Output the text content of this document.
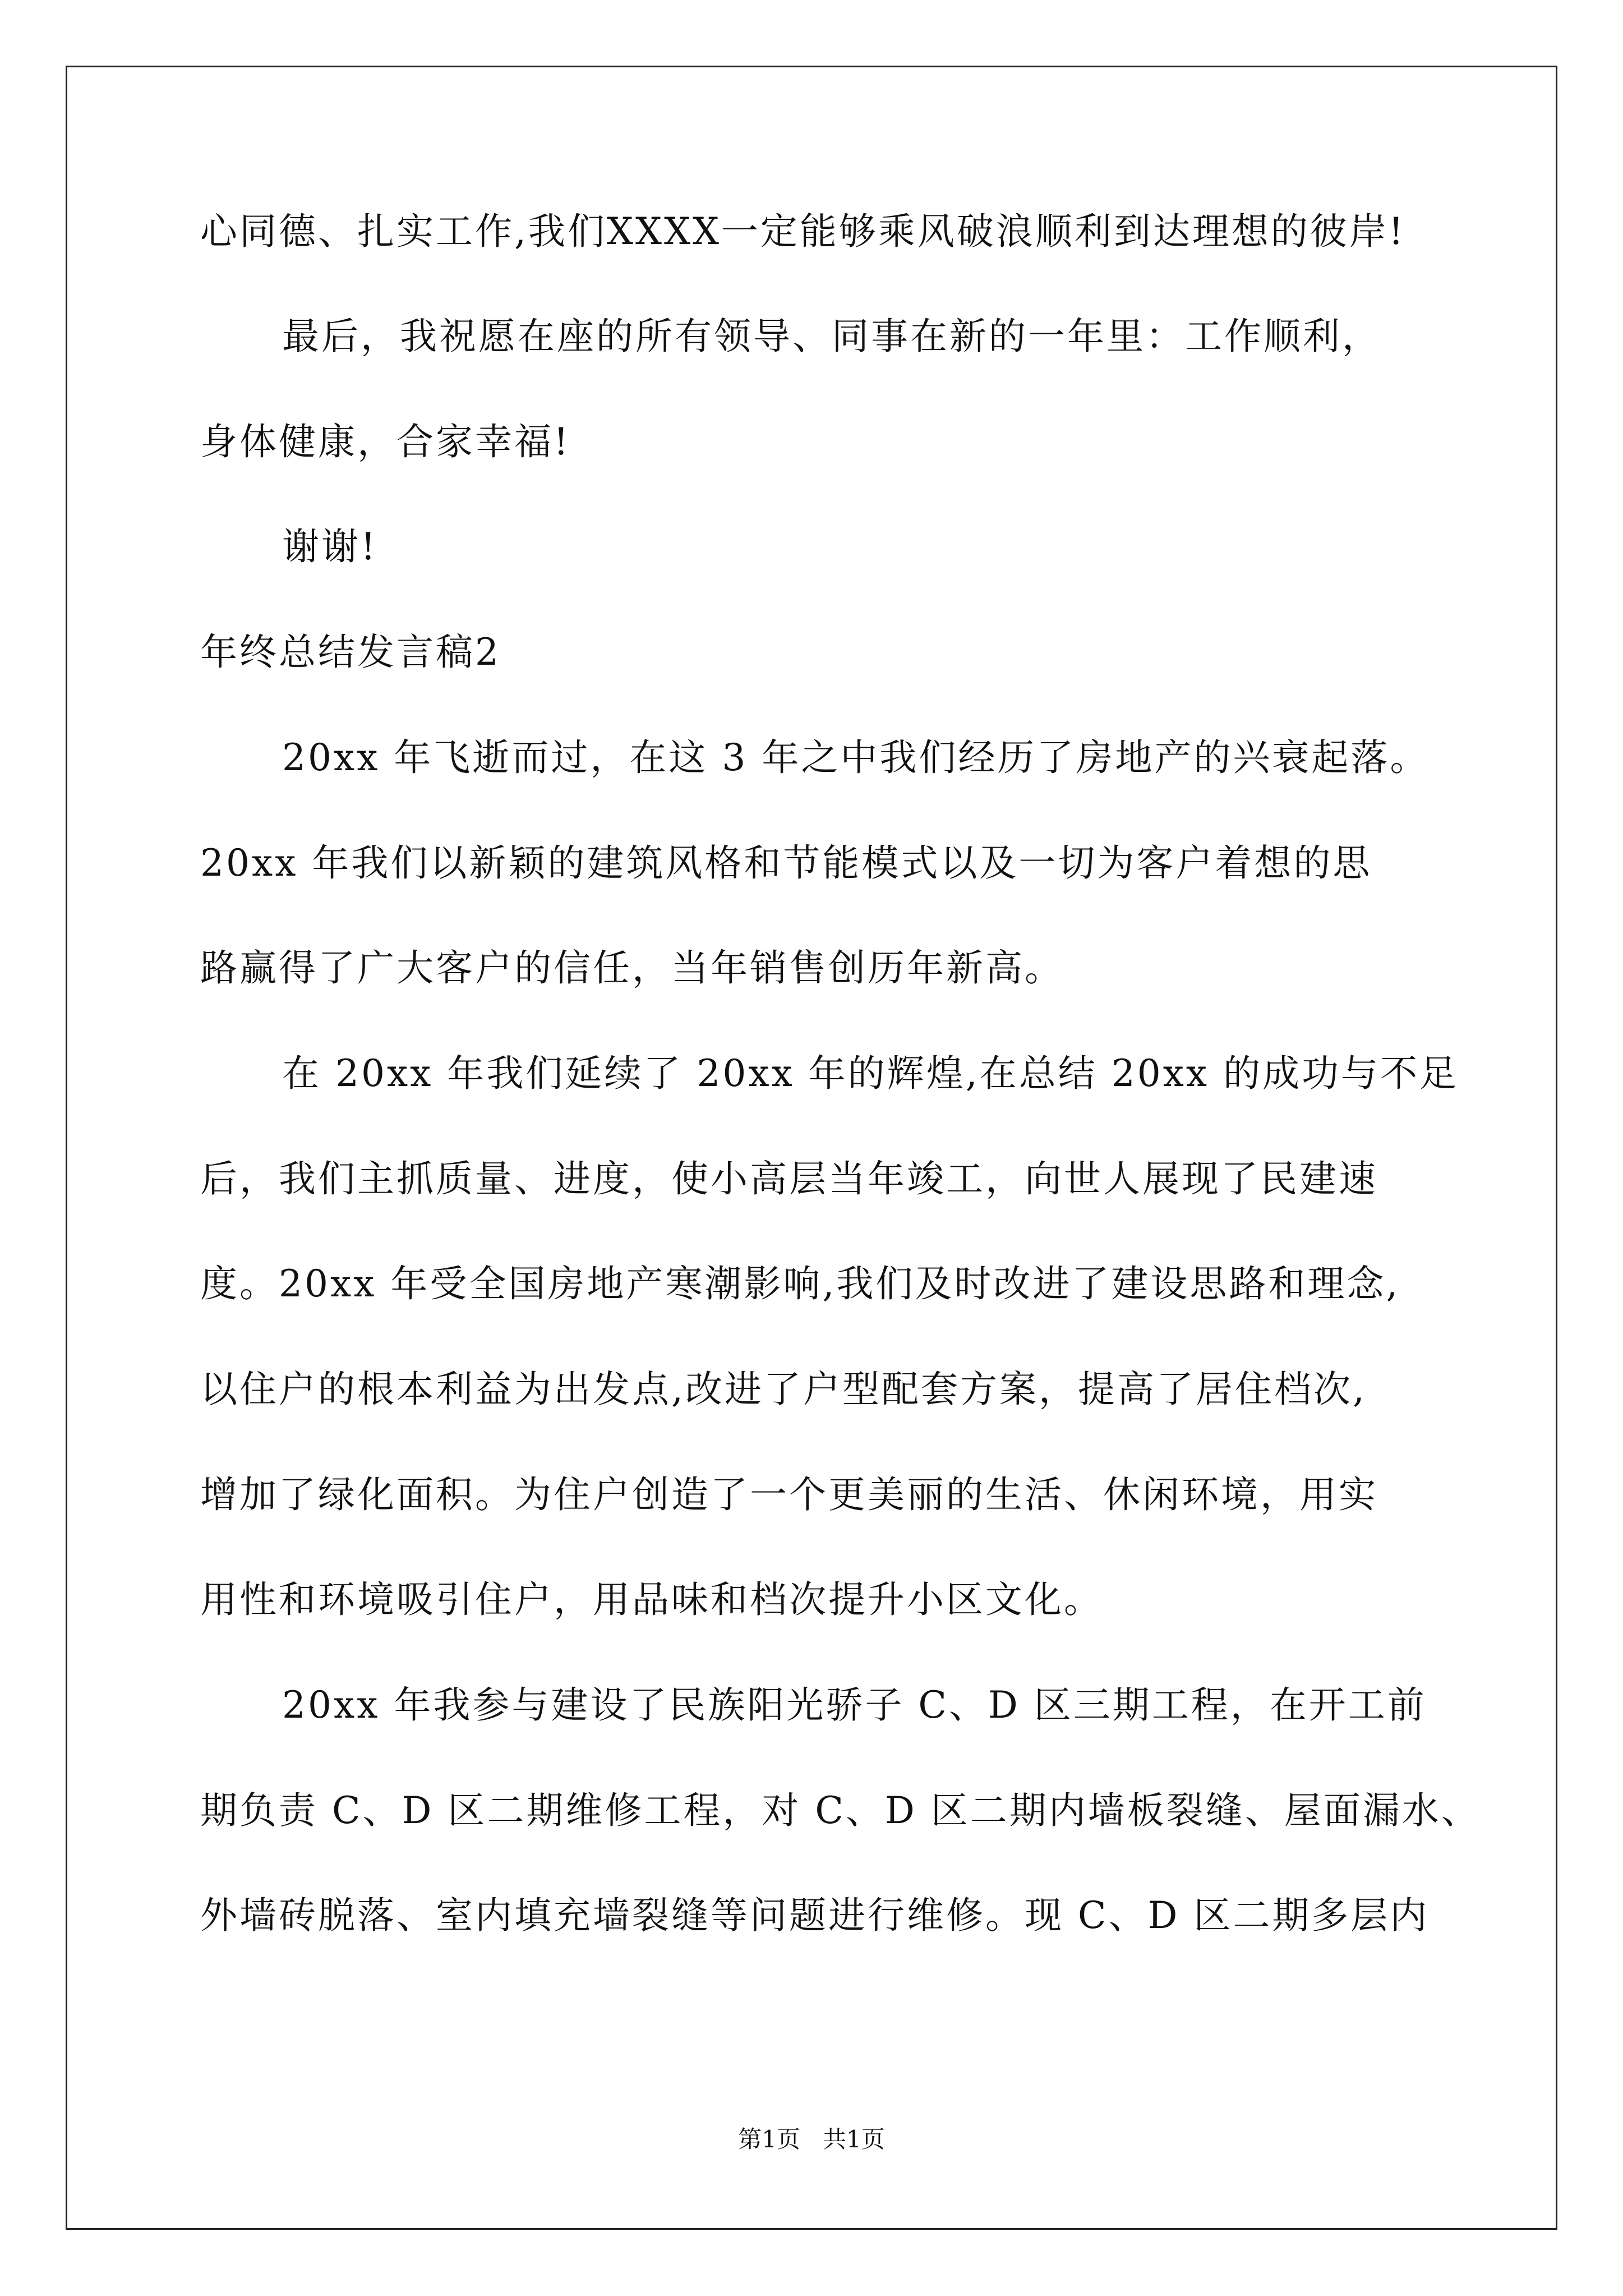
心同德、扎实工作,我们XXXX一定能够乘风破浪顺利到达理想的彼岸!
最后，我祝愿在座的所有领导、同事在新的一年里：工作顺利，
身体健康，合家幸福!
谢谢!
年终总结发言稿2
20xx 年飞逝而过，在这 3 年之中我们经历了房地产的兴衰起落。
20xx 年我们以新颖的建筑风格和节能模式以及一切为客户着想的思
路赢得了广大客户的信任，当年销售创历年新高。
在 20xx 年我们延续了 20xx 年的辉煌,在总结 20xx 的成功与不足
后，我们主抓质量、进度，使小高层当年竣工，向世人展现了民建速
度。20xx 年受全国房地产寒潮影响,我们及时改进了建设思路和理念,
以住户的根本利益为出发点,改进了户型配套方案，提高了居住档次,
增加了绿化面积。为住户创造了一个更美丽的生活、休闲环境，用实
用性和环境吸引住户，用品味和档次提升小区文化。
20xx 年我参与建设了民族阳光骄子 C、D 区三期工程，在开工前
期负责 C、D 区二期维修工程，对 C、D 区二期内墙板裂缝、屋面漏水、
外墙砖脱落、室内填充墙裂缝等问题进行维修。现 C、D 区二期多层内
第1页   共1页
